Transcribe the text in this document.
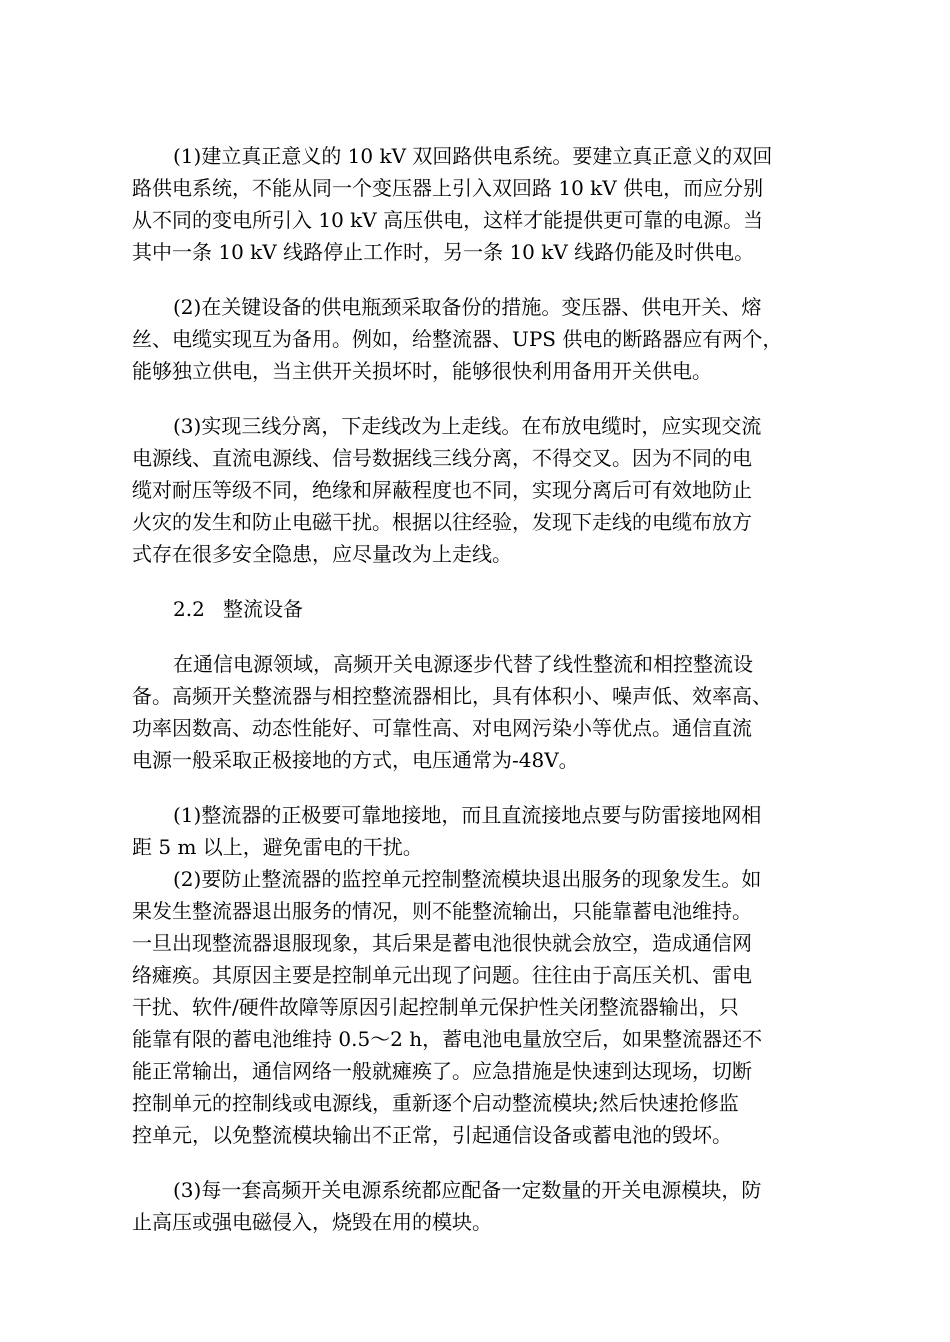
(1)建立真正意义的 10 kV 双回路供电系统。要建立真正意义的双回
路供电系统，不能从同一个变压器上引入双回路 10 kV 供电，而应分别
从不同的变电所引入 10 kV 高压供电，这样才能提供更可靠的电源。当
其中一条 10 kV 线路停止工作时，另一条 10 kV 线路仍能及时供电。
(2)在关键设备的供电瓶颈采取备份的措施。变压器、供电开关、熔
丝、电缆实现互为备用。例如，给整流器、UPS 供电的断路器应有两个，
能够独立供电，当主供开关损坏时，能够很快利用备用开关供电。
(3)实现三线分离，下走线改为上走线。在布放电缆时，应实现交流
电源线、直流电源线、信号数据线三线分离，不得交叉。因为不同的电
缆对耐压等级不同，绝缘和屏蔽程度也不同，实现分离后可有效地防止
火灾的发生和防止电磁干扰。根据以往经验，发现下走线的电缆布放方
式存在很多安全隐患，应尽量改为上走线。
2.2 整流设备
在通信电源领域，高频开关电源逐步代替了线性整流和相控整流设
备。高频开关整流器与相控整流器相比，具有体积小、噪声低、效率高、
功率因数高、动态性能好、可靠性高、对电网污染小等优点。通信直流
电源一般采取正极接地的方式，电压通常为-48V。
(1)整流器的正极要可靠地接地，而且直流接地点要与防雷接地网相
距 5 m 以上，避免雷电的干扰。
(2)要防止整流器的监控单元控制整流模块退出服务的现象发生。如
果发生整流器退出服务的情况，则不能整流输出，只能靠蓄电池维持。
一旦出现整流器退服现象，其后果是蓄电池很快就会放空，造成通信网
络瘫痪。其原因主要是控制单元出现了问题。往往由于高压关机、雷电
干扰、软件/硬件故障等原因引起控制单元保护性关闭整流器输出，只
能靠有限的蓄电池维持 0.5～2 h，蓄电池电量放空后，如果整流器还不
能正常输出，通信网络一般就瘫痪了。应急措施是快速到达现场，切断
控制单元的控制线或电源线，重新逐个启动整流模块;然后快速抢修监
控单元，以免整流模块输出不正常，引起通信设备或蓄电池的毁坏。
(3)每一套高频开关电源系统都应配备一定数量的开关电源模块，防
止高压或强电磁侵入，烧毁在用的模块。
